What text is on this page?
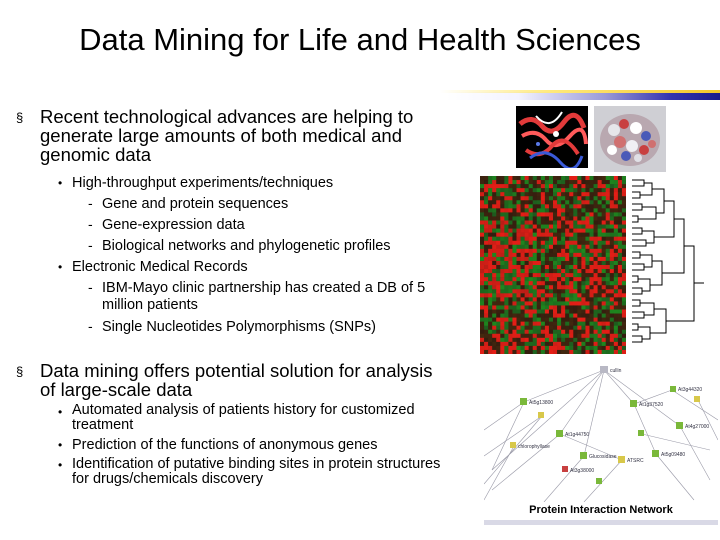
Data Mining for Life and Health Sciences
§ Recent technological advances are helping to generate large amounts of both medical and genomic data
• High-throughput experiments/techniques
- Gene and protein sequences
- Gene-expression data
- Biological networks and phylogenetic profiles
• Electronic Medical Records
- IBM-Mayo clinic partnership has created a DB of 5 million patients
- Single Nucleotides Polymorphisms (SNPs)
§ Data mining offers potential solution for analysis of large-scale data
• Automated analysis of patients history for customized treatment
• Prediction of the functions of anonymous genes
• Identification of putative binding sites in protein structures for drugs/chemicals discovery
cullin
At5g13800	At1g37520
At3g44320
At1g44750
At4g27000
Glucosidase	At5g09480
ATSRC
chlorophyllase
At3g38000
Protein Interaction Network
